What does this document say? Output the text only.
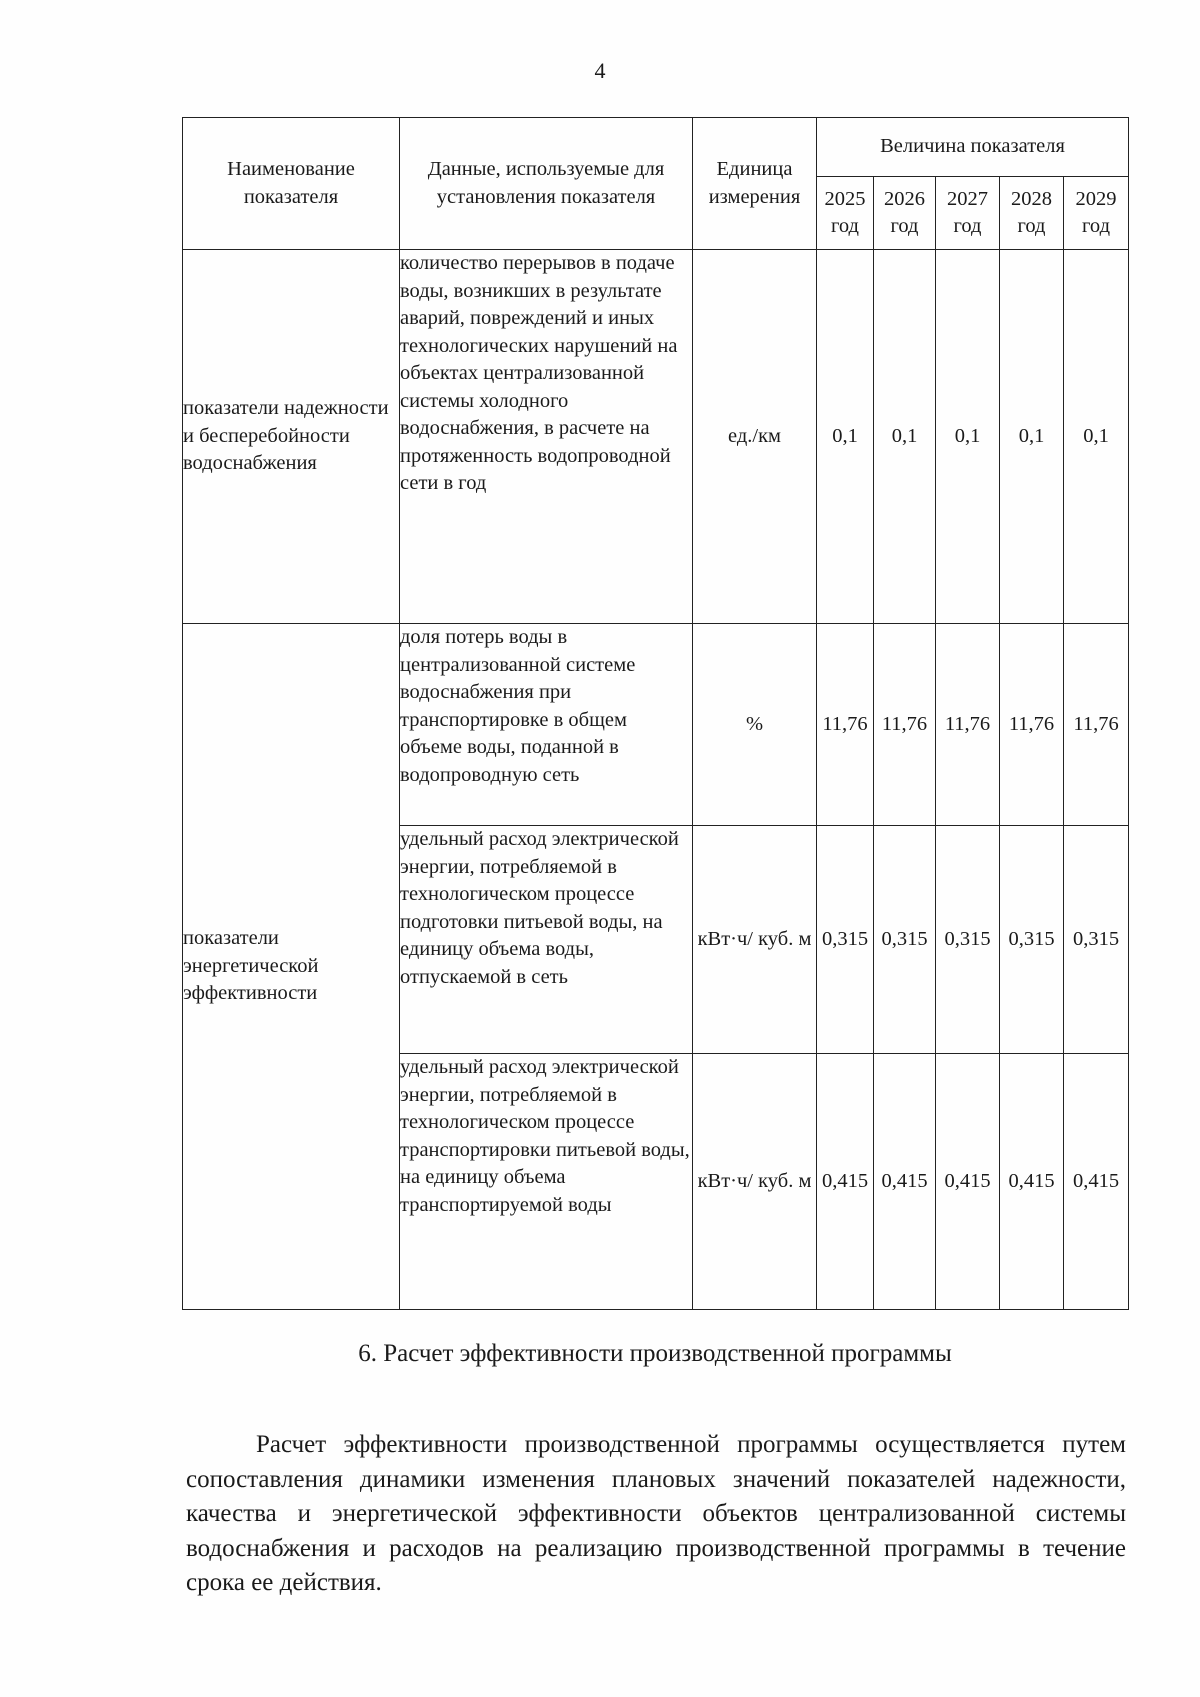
4
Наименование показателя	Данные, используемые для установления показателя	Единица измерения	Величина показателя				
			2025 год	2026 год	2027 год	2028 год	2029 год
показатели надежности и бесперебойности водоснабжения	количество перерывов в подаче воды, возникших в результате аварий, повреждений и иных технологических нарушений на объектах централизованной системы холодного водоснабжения, в расчете на протяженность водопроводной сети в год	ед./км	0,1	0,1	0,1	0,1	0,1
показатели энергетической эффективности	доля потерь воды в централизованной системе водоснабжения при транспортировке в общем объеме воды, поданной в водопроводную сеть	%	11,76	11,76	11,76	11,76	11,76
	удельный расход электрической энергии, потребляемой в технологическом процессе подготовки питьевой воды, на единицу объема воды, отпускаемой в сеть	кВт·ч/ куб. м	0,315	0,315	0,315	0,315	0,315
	удельный расход электрической энергии, потребляемой в технологическом процессе транспортировки питьевой воды, на единицу объема транспортируемой воды	кВт·ч/ куб. м	0,415	0,415	0,415	0,415	0,415
6. Расчет эффективности производственной программы

Расчет эффективности производственной программы осуществляется путем сопоставления динамики изменения плановых значений показателей надежности, качества и энергетической эффективности объектов централизованной системы водоснабжения и расходов на реализацию производственной программы в течение срока ее действия.
